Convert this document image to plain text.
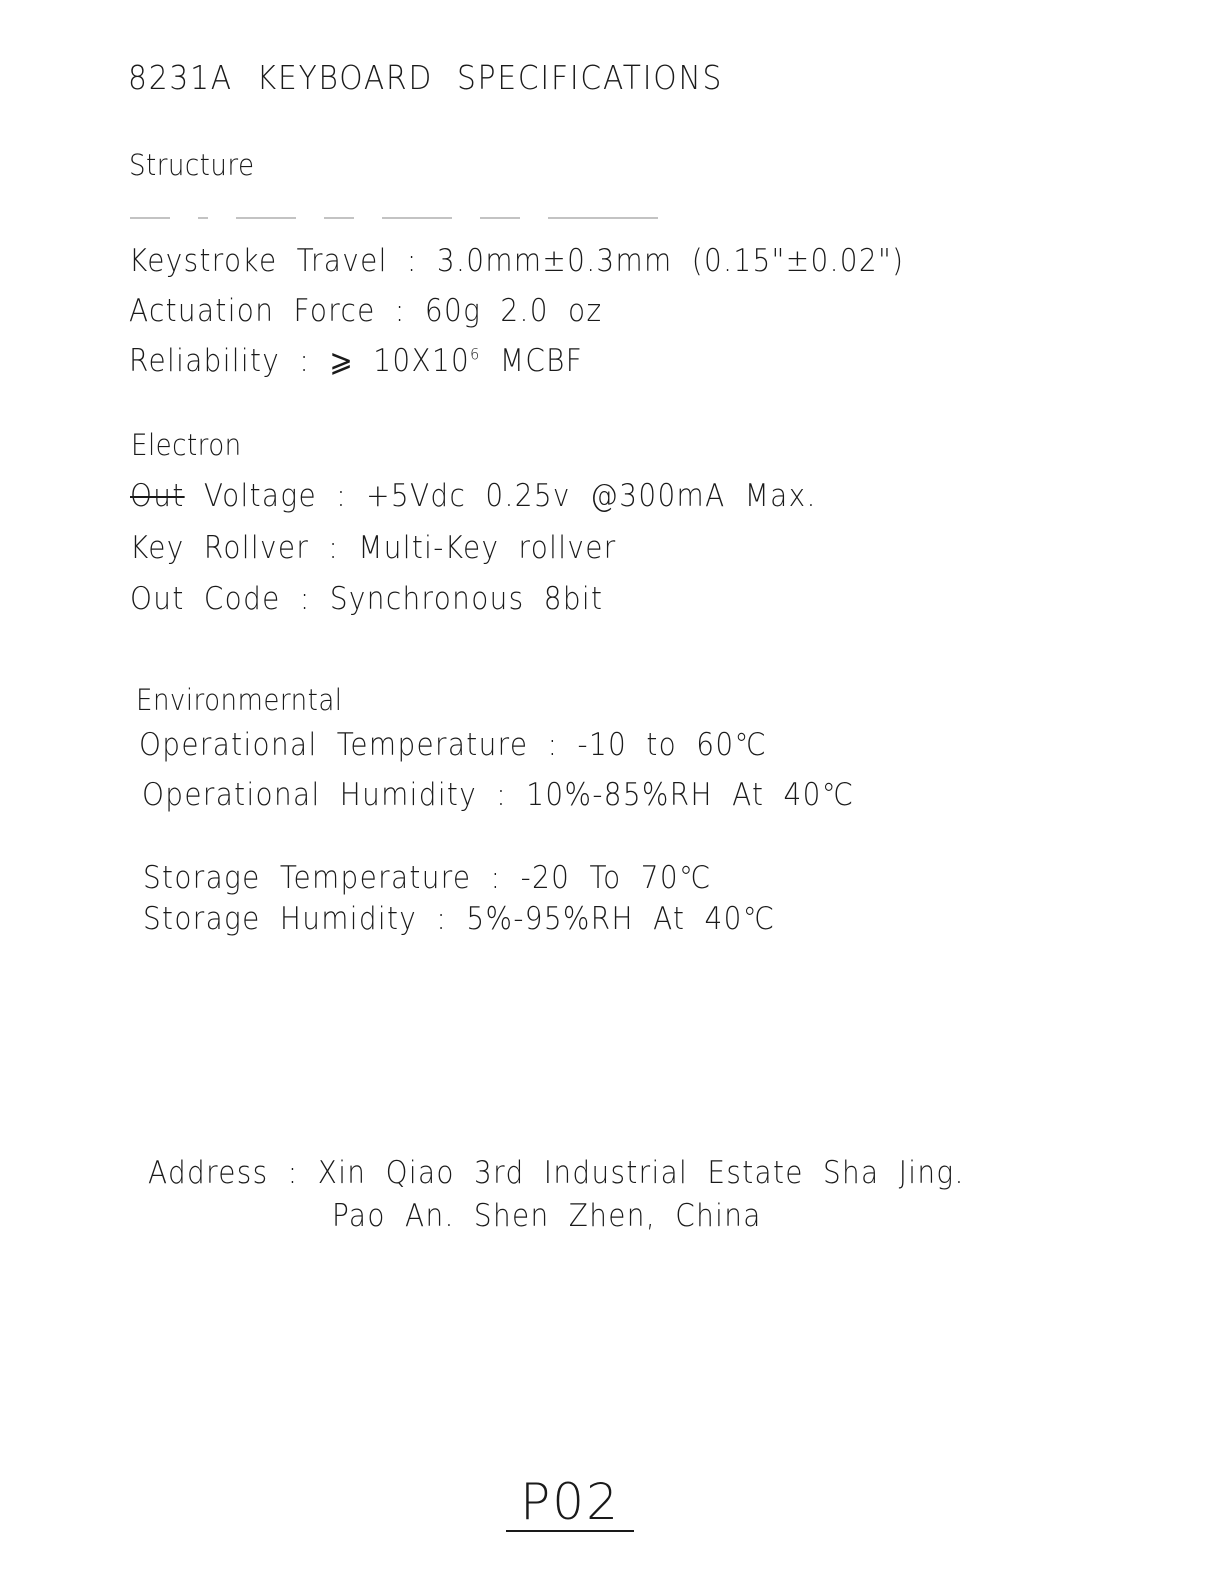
8231A KEYBOARD SPECIFICATIONS
Structure
Keystroke Travel : 3.0mm±0.3mm (0.15"±0.02")
Actuation Force : 60g 2.0 oz
Reliability : ⩾ $10X10^6$ MCBF
Electron
Out Voltage : +5Vdc 0.25v @300mA Max.
Key Rollver : Multi-Key rollver
Out Code : Synchronous 8bit
Environmerntal
Operational Temperature : -10 to 60℃
Operational Humidity : 10%-85%RH At 40℃
Storage Temperature : -20 To 70℃
Storage Humidity : 5%-95%RH At 40℃
Address : Xin Qiao 3rd Industrial Estate Sha Jing.
Pao An. Shen Zhen, China
P02
